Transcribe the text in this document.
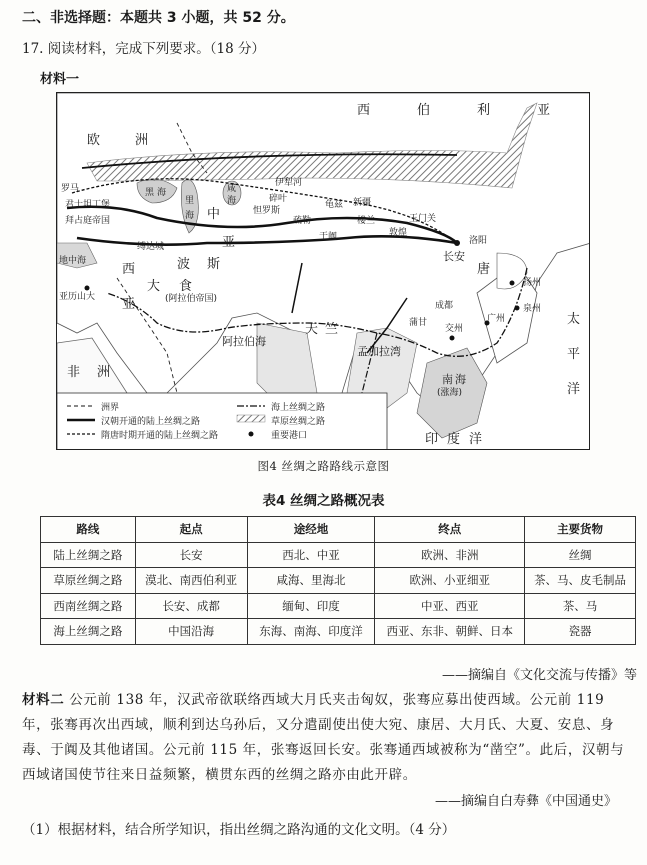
二、非选择题：本题共 3 小题，共 52 分。
17. 阅读材料，完成下列要求。（18 分）
材料一
西	伯	利	亚
欧	洲
中
亚
西
亚
波 斯
大 食
(阿拉伯帝国)
阿拉伯海
天 竺
孟加拉湾
印 度 洋
非 洲
唐
南 海
(涨海)
太
平
洋
拜占庭帝国
君士坦丁堡
罗马
地中海
亚历山大
黑 海
里
海
咸
海
缚达城
伊犁河
碎叶
怛罗斯
疏勒
龟兹
于阗
楼兰	玉门关
敦煌
长安
成都
洛阳
扬州
泉州
广州
交州
蒲甘
新疆
洲界
汉朝开通的陆上丝绸之路
隋唐时期开通的陆上丝绸之路
海上丝绸之路
草原丝绸之路
重要港口
图4 丝绸之路路线示意图
表4 丝绸之路概况表
路线	起点	途经地	终点	主要货物
陆上丝绸之路	长安	西北、中亚	欧洲、非洲	丝绸
草原丝绸之路	漠北、南西伯利亚	咸海、里海北	欧洲、小亚细亚	茶、马、皮毛制品
西南丝绸之路	长安、成都	缅甸、印度	中亚、西亚	茶、马
海上丝绸之路	中国沿海	东海、南海、印度洋	西亚、东非、朝鲜、日本	瓷器
——摘编自《文化交流与传播》等
材料二 公元前 138 年，汉武帝欲联络西域大月氏夹击匈奴，张骞应募出使西域。公元前 119 年，张骞再次出西域，顺利到达乌孙后，又分遣副使出使大宛、康居、大月氏、大夏、安息、身毒、于阗及其他诸国。公元前 115 年，张骞返回长安。张骞通西域被称为“凿空”。此后，汉朝与西域诸国使节往来日益频繁，横贯东西的丝绸之路亦由此开辟。
——摘编自白寿彝《中国通史》
（1）根据材料，结合所学知识，指出丝绸之路沟通的文化文明。（4 分）
